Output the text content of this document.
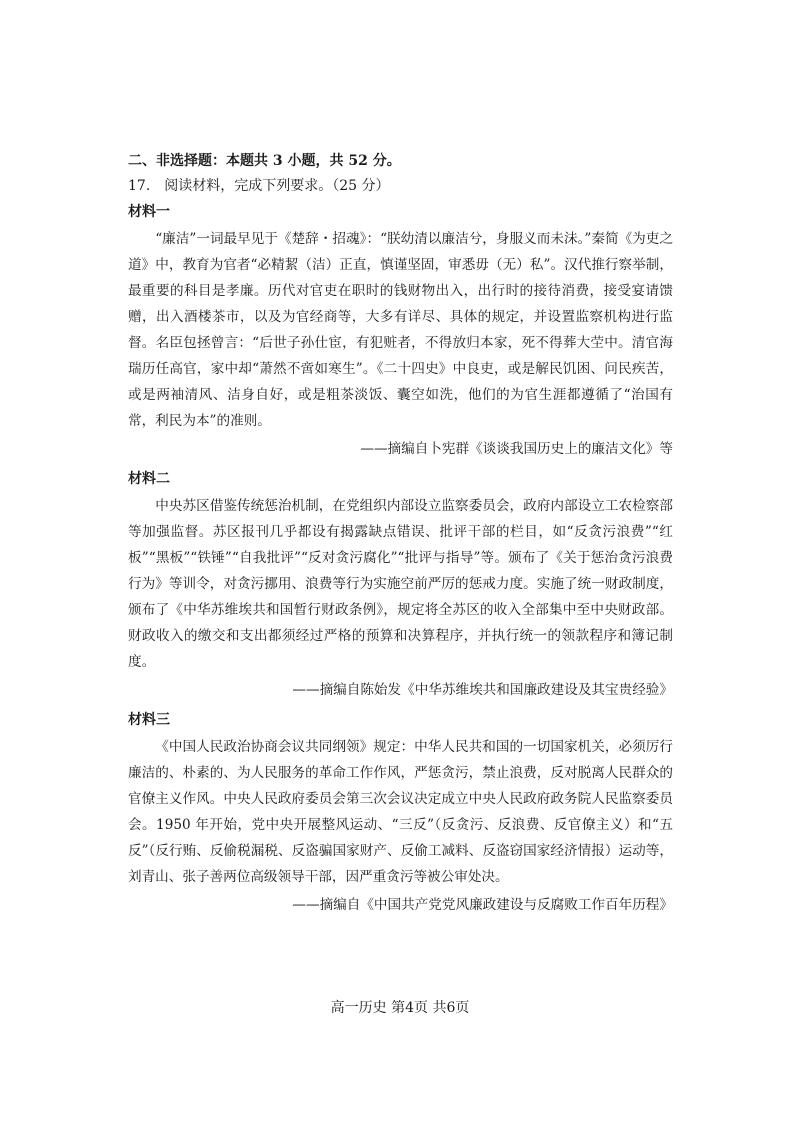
二、非选择题：本题共 3 小题，共 52 分。
17.　阅读材料，完成下列要求。（25 分）
材料一

“廉洁”一词最早见于《楚辞・招魂》：“朕幼清以廉洁兮，身服义而未沬。”秦简《为吏之道》中，教育为官者“必精絜（洁）正直，慎谨坚固，审悉毋（无）私”。汉代推行察举制，最重要的科目是孝廉。历代对官吏在职时的钱财物出入，出行时的接待消费，接受宴请馈赠，出入酒楼茶市，以及为官经商等，大多有详尽、具体的规定，并设置监察机构进行监督。名臣包拯曾言：“后世子孙仕宦，有犯赃者，不得放归本家，死不得葬大茔中。清官海瑞历任高官，家中却“萧然不啻如寒生”。《二十四史》中良吏，或是解民饥困、问民疾苦，或是两袖清风、洁身自好，或是粗茶淡饭、囊空如洗，他们的为官生涯都遵循了“治国有常，利民为本”的准则。

——摘编自卜宪群《谈谈我国历史上的廉洁文化》等
材料二

中央苏区借鉴传统惩治机制，在党组织内部设立监察委员会，政府内部设立工农检察部等加强监督。苏区报刊几乎都设有揭露缺点错误、批评干部的栏目，如“反贪污浪费”“红板”“黑板”“铁锤”“自我批评”“反对贪污腐化”“批评与指导”等。颁布了《关于惩治贪污浪费行为》等训令，对贪污挪用、浪费等行为实施空前严厉的惩戒力度。实施了统一财政制度，颁布了《中华苏维埃共和国暂行财政条例》，规定将全苏区的收入全部集中至中央财政部。财政收入的缴交和支出都须经过严格的预算和决算程序，并执行统一的领款程序和簿记制度。

——摘编自陈始发《中华苏维埃共和国廉政建设及其宝贵经验》
材料三

《中国人民政治协商会议共同纲领》规定：中华人民共和国的一切国家机关，必须厉行廉洁的、朴素的、为人民服务的革命工作作风，严惩贪污，禁止浪费，反对脱离人民群众的官僚主义作风。中央人民政府委员会第三次会议决定成立中央人民政府政务院人民监察委员会。1950 年开始，党中央开展整风运动、“三反”（反贪污、反浪费、反官僚主义）和“五反”（反行贿、反偷税漏税、反盗骗国家财产、反偷工减料、反盗窃国家经济情报）运动等，刘青山、张子善两位高级领导干部，因严重贪污等被公审处决。

——摘编自《中国共产党党风廉政建设与反腐败工作百年历程》
高一历史 第4页 共6页
